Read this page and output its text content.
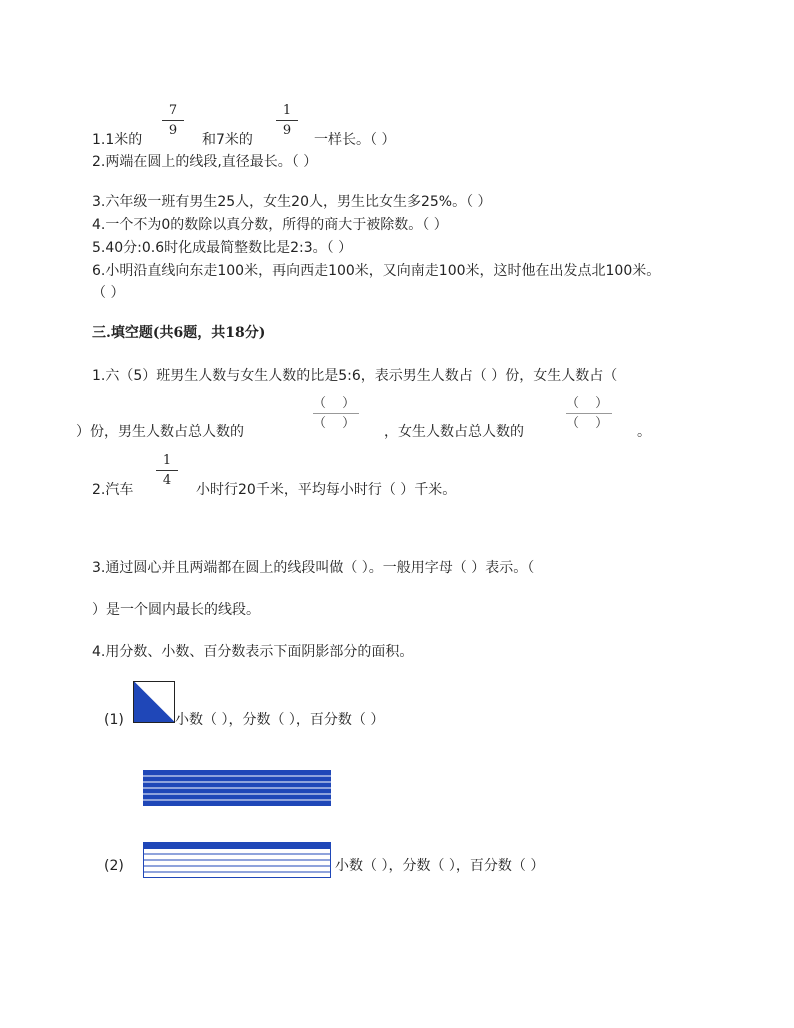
7
9
1
9
1.1米的	和7米的	一样长。（ ）
2.两端在圆上的线段,直径最长。（ ）
3.六年级一班有男生25人，女生20人，男生比女生多25%。（ ）
4.一个不为0的数除以真分数，所得的商大于被除数。（ ）
5.40分:0.6时化成最简整数比是2:3。（ ）
6.小明沿直线向东走100米，再向西走100米，又向南走100米，这时他在出发点北100米。
（ ）
三.填空题(共6题，共18分)
1.六（5）班男生人数与女生人数的比是5:6，表示男生人数占（ ）份，女生人数占（
（ ）
（ ）
（ ）
（ ）
）份，男生人数占总人数的	，女生人数占总人数的	。
1
4
2.汽车	小时行20千米，平均每小时行（ ）千米。
3.通过圆心并且两端都在圆上的线段叫做（ ）。一般用字母（ ）表示。（
）是一个圆内最长的线段。
4.用分数、小数、百分数表示下面阴影部分的面积。
(1)	小数（ ），分数（ ），百分数（ ）
(2)	小数（ ），分数（ ），百分数（ ）
